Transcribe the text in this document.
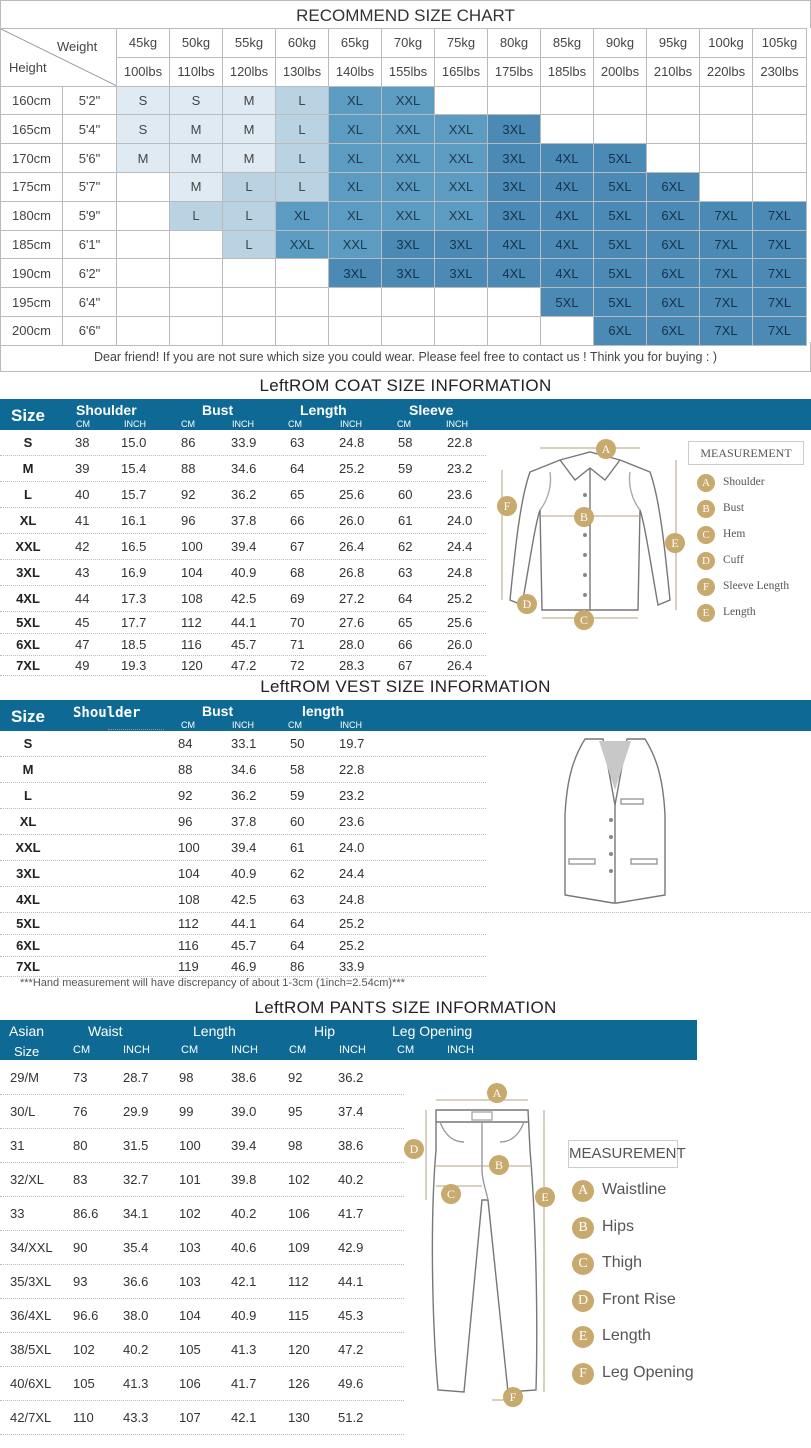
RECOMMEND SIZE CHART
Weight
Height		45kg	50kg	55kg	60kg	65kg	70kg	75kg	80kg	85kg	90kg	95kg	100kg	105kg
		100lbs	110lbs	120lbs	130lbs	140lbs	155lbs	165lbs	175lbs	185lbs	200lbs	210lbs	220lbs	230lbs
160cm	5'2"	S	S	M	L	XL	XXL							
165cm	5'4"	S	M	M	L	XL	XXL	XXL	3XL					
170cm	5'6"	M	M	M	L	XL	XXL	XXL	3XL	4XL	5XL			
175cm	5'7"		M	L	L	XL	XXL	XXL	3XL	4XL	5XL	6XL		
180cm	5'9"		L	L	XL	XL	XXL	XXL	3XL	4XL	5XL	6XL	7XL	7XL
185cm	6'1"			L	XXL	XXL	3XL	3XL	4XL	4XL	5XL	6XL	7XL	7XL
190cm	6'2"					3XL	3XL	3XL	4XL	4XL	5XL	6XL	7XL	7XL
195cm	6'4"									5XL	5XL	6XL	7XL	7XL
200cm	6'6"										6XL	6XL	7XL	7XL
Dear friend! If you are not sure which size you could wear. Please feel free to contact us ! Think you for buying : )
LeftROM COAT SIZE INFORMATION
Size Shoulder	Bust	Length	Sleeve
CM	INCH	CM	INCH	CM	INCH	CM	INCH
S	38 15.0	86	33.9	63	24.8	58	22.8
M	39 15.4	88	34.6	64	25.2	59	23.2
L	40 15.7	92	36.2	65	25.6	60	23.6
XL	41 16.1	96	37.8	66	26.0	61	24.0
XXL	42 16.5	100 39.4	67	26.4	62	24.4
3XL	43 16.9	104 40.9	68	26.8	63	24.8
4XL	44 17.3	108 42.5	69	27.2	64	25.2
5XL	45 17.7	112 44.1	70	27.6	65	25.6
6XL	47 18.5	116 45.7	71	28.0	66	26.0
7XL	49 19.3	120 47.2	72	28.3	67	26.4
A
B
C
D
E
F
MEASUREMENT
A	Shoulder
B	Bust
C	Hem
D	Cuff
F	Sleeve Length
E	Length
LeftROM VEST SIZE INFORMATION
Size Shoulder	Bust	length
CM	INCH	CM	INCH
S	84	33.1	50	19.7
M	88	34.6	58	22.8
L	92	36.2	59	23.2
XL	96	37.8	60	23.6
XXL	100 39.4	61	24.0
3XL	104 40.9	62	24.4
4XL	108 42.5	63	24.8
5XL	112 44.1	64	25.2
6XL	116 45.7	64	25.2
7XL	119 46.9	86	33.9
***Hand measurement will have discrepancy of about 1-3cm (1inch=2.54cm)***
LeftROM PANTS SIZE INFORMATION
Asian
Size
Waist	Length	Hip	Leg Opening
CM	INCH	CM	INCH	CM	INCH	CM	INCH
29/M	73	28.7 98	38.6 92	36.2
30/L	76	29.9 99	39.0 95	37.4
31	80	31.5 100 39.4 98	38.6
32/XL 83	32.7 101 39.8 102 40.2
33	86.6 34.1 102 40.2 106 41.7
34/XXL 90	35.4 103 40.6 109 42.9
35/3XL 93	36.6 103 42.1 112 44.1
36/4XL 96.6 38.0 104 40.9 115 45.3
38/5XL 102 40.2 105 41.3 120 47.2
40/6XL 105 41.3 106 41.7 126 49.6
42/7XL 110 43.3 107 42.1 130 51.2
A
B
C
D
E
F
MEASUREMENT
A Waistline
B Hips
C Thigh
D Front Rise
E Length
F Leg Opening
